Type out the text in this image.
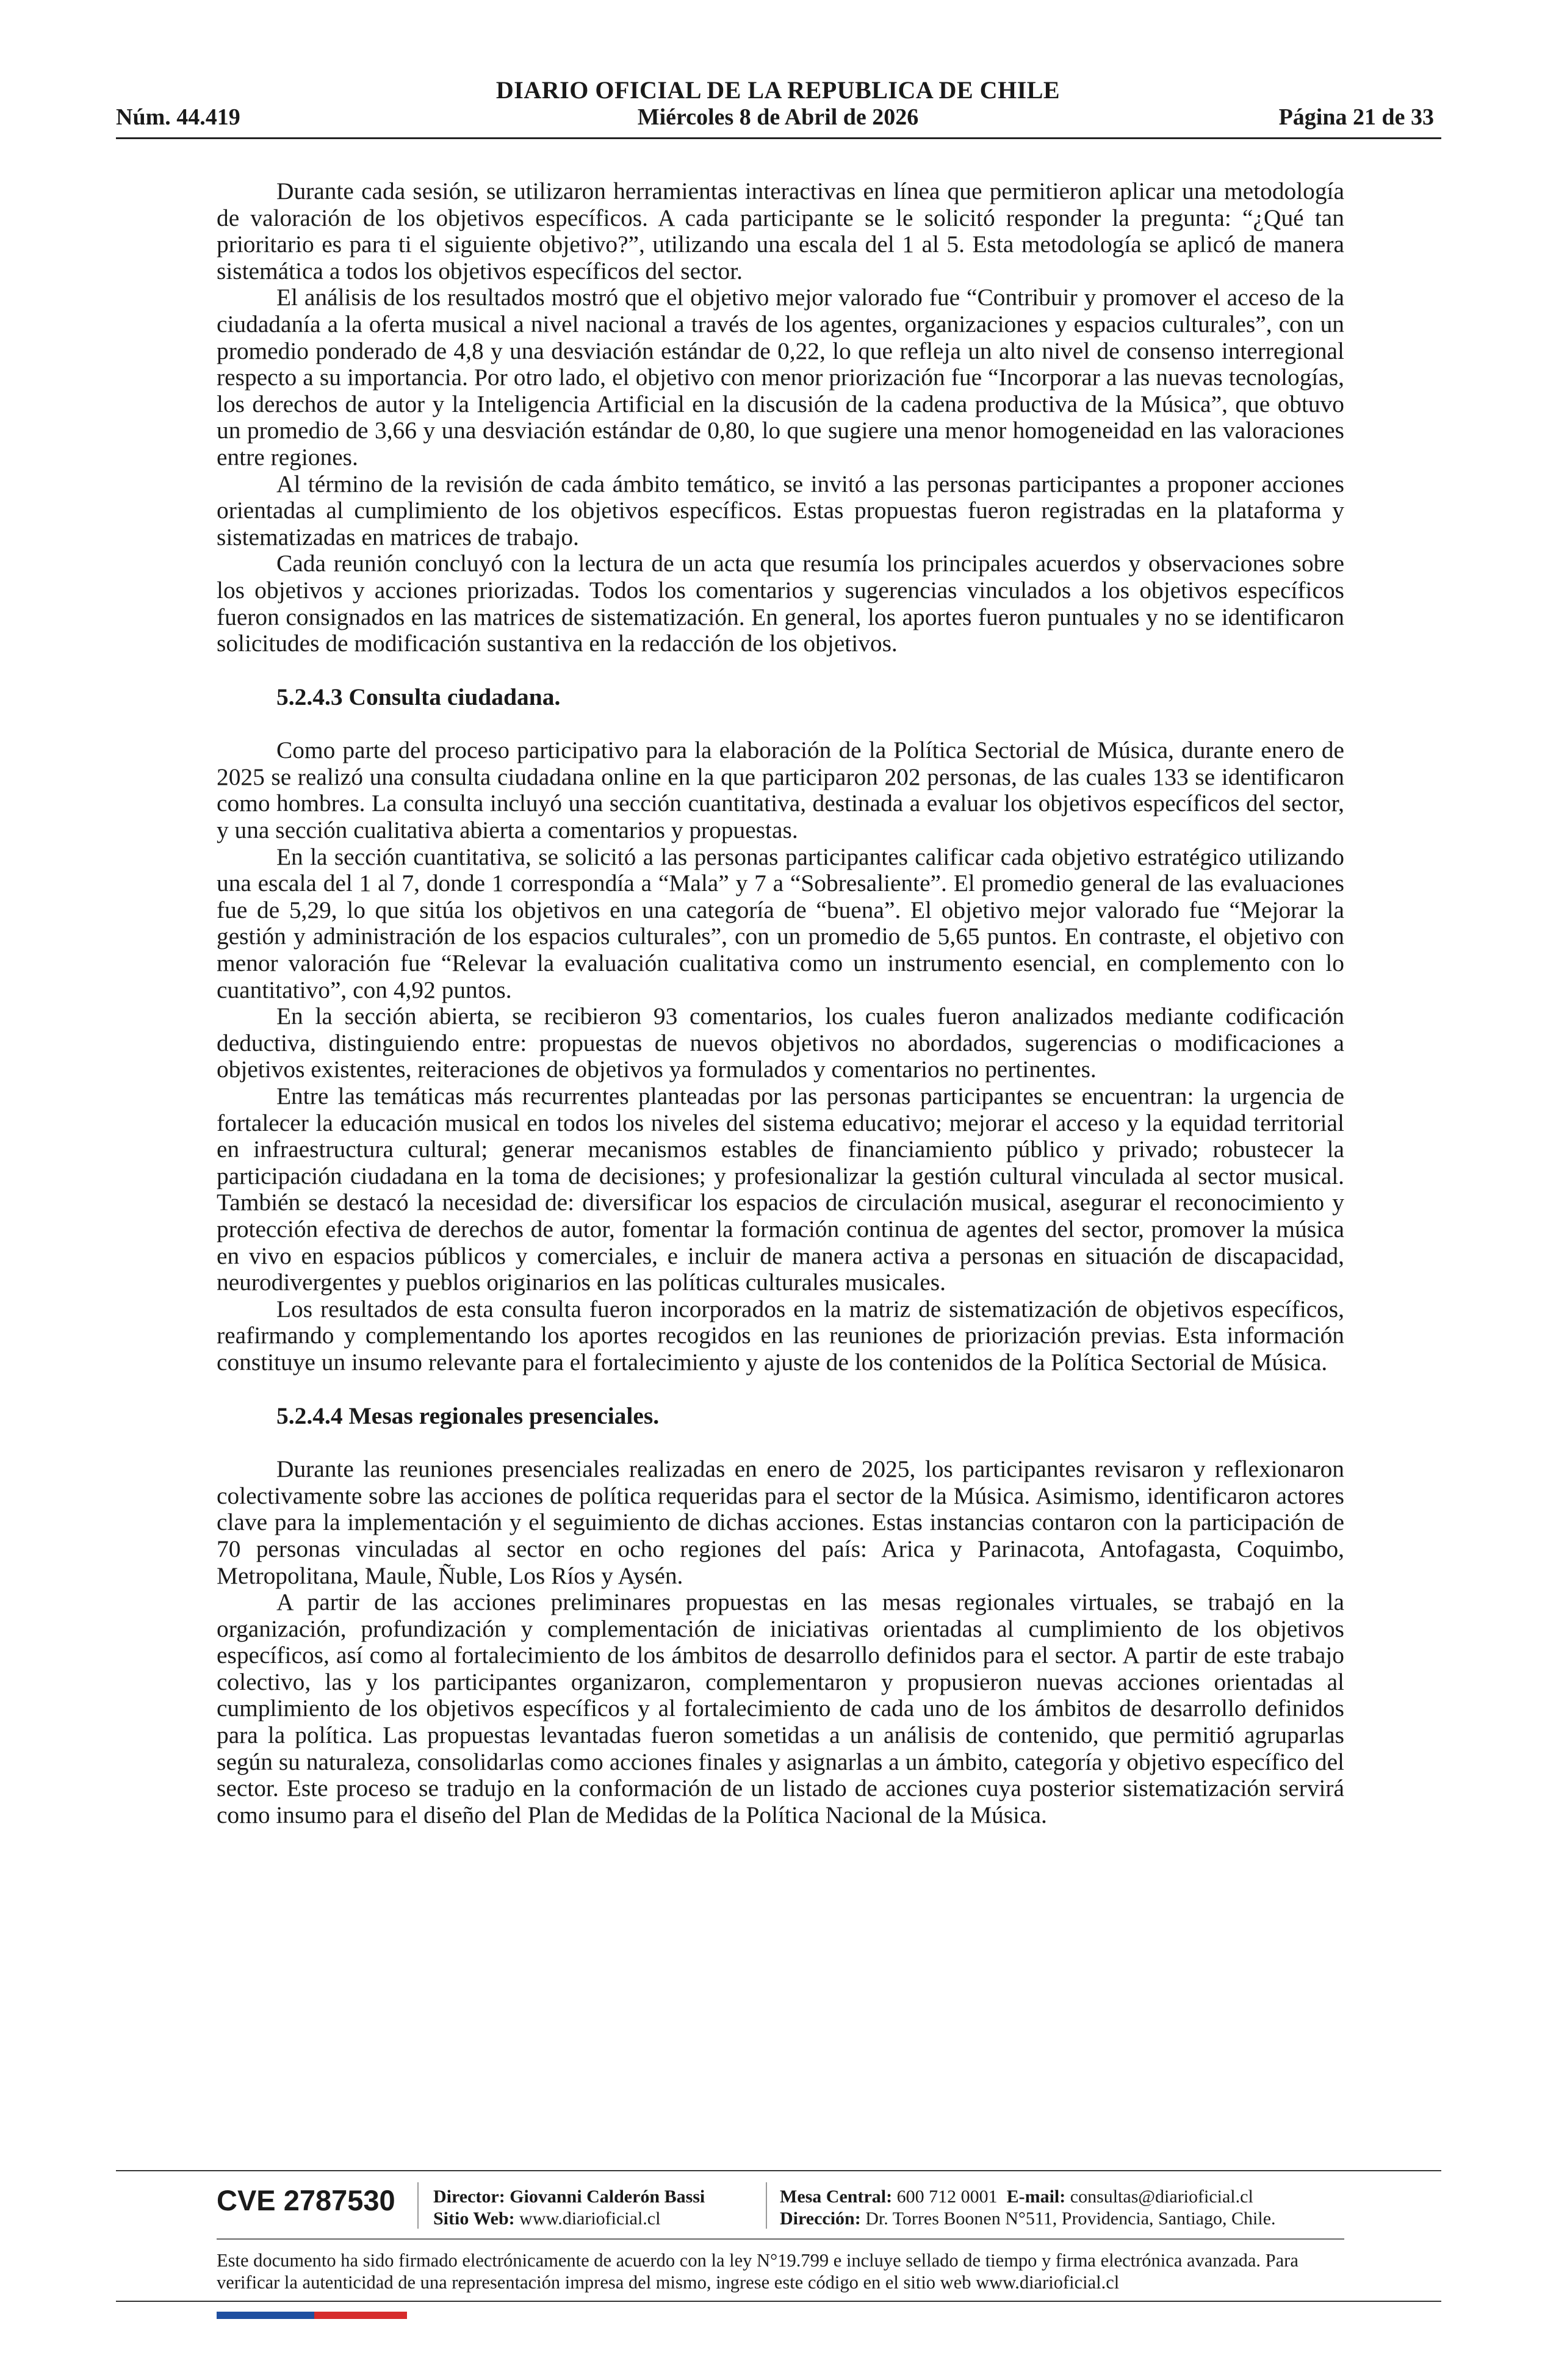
DIARIO OFICIAL DE LA REPUBLICA DE CHILE
Núm. 44.419	Miércoles 8 de Abril de 2026	Página 21 de 33

Durante cada sesión, se utilizaron herramientas interactivas en línea que permitieron aplicar una metodología de valoración de los objetivos específicos. A cada participante se le solicitó responder la pregunta: “¿Qué tan prioritario es para ti el siguiente objetivo?”, utilizando una escala del 1 al 5. Esta metodología se aplicó de manera sistemática a todos los objetivos específicos del sector.

El análisis de los resultados mostró que el objetivo mejor valorado fue “Contribuir y promover el acceso de la ciudadanía a la oferta musical a nivel nacional a través de los agentes, organizaciones y espacios culturales”, con un promedio ponderado de 4,8 y una desviación estándar de 0,22, lo que refleja un alto nivel de consenso interregional respecto a su importancia. Por otro lado, el objetivo con menor priorización fue “Incorporar a las nuevas tecnologías, los derechos de autor y la Inteligencia Artificial en la discusión de la cadena productiva de la Música”, que obtuvo un promedio de 3,66 y una desviación estándar de 0,80, lo que sugiere una menor homogeneidad en las valoraciones entre regiones.

Al término de la revisión de cada ámbito temático, se invitó a las personas participantes a proponer acciones orientadas al cumplimiento de los objetivos específicos. Estas propuestas fueron registradas en la plataforma y sistematizadas en matrices de trabajo.

Cada reunión concluyó con la lectura de un acta que resumía los principales acuerdos y observaciones sobre los objetivos y acciones priorizadas. Todos los comentarios y sugerencias vinculados a los objetivos específicos fueron consignados en las matrices de sistematización. En general, los aportes fueron puntuales y no se identificaron solicitudes de modificación sustantiva en la redacción de los objetivos.

5.2.4.3 Consulta ciudadana.

Como parte del proceso participativo para la elaboración de la Política Sectorial de Música, durante enero de 2025 se realizó una consulta ciudadana online en la que participaron 202 personas, de las cuales 133 se identificaron como hombres. La consulta incluyó una sección cuantitativa, destinada a evaluar los objetivos específicos del sector, y una sección cualitativa abierta a comentarios y propuestas.

En la sección cuantitativa, se solicitó a las personas participantes calificar cada objetivo estratégico utilizando una escala del 1 al 7, donde 1 correspondía a “Mala” y 7 a “Sobresaliente”. El promedio general de las evaluaciones fue de 5,29, lo que sitúa los objetivos en una categoría de “buena”. El objetivo mejor valorado fue “Mejorar la gestión y administración de los espacios culturales”, con un promedio de 5,65 puntos. En contraste, el objetivo con menor valoración fue “Relevar la evaluación cualitativa como un instrumento esencial, en complemento con lo cuantitativo”, con 4,92 puntos.

En la sección abierta, se recibieron 93 comentarios, los cuales fueron analizados mediante codificación deductiva, distinguiendo entre: propuestas de nuevos objetivos no abordados, sugerencias o modificaciones a objetivos existentes, reiteraciones de objetivos ya formulados y comentarios no pertinentes.

Entre las temáticas más recurrentes planteadas por las personas participantes se encuentran: la urgencia de fortalecer la educación musical en todos los niveles del sistema educativo; mejorar el acceso y la equidad territorial en infraestructura cultural; generar mecanismos estables de financiamiento público y privado; robustecer la participación ciudadana en la toma de decisiones; y profesionalizar la gestión cultural vinculada al sector musical. También se destacó la necesidad de: diversificar los espacios de circulación musical, asegurar el reconocimiento y protección efectiva de derechos de autor, fomentar la formación continua de agentes del sector, promover la música en vivo en espacios públicos y comerciales, e incluir de manera activa a personas en situación de discapacidad, neurodivergentes y pueblos originarios en las políticas culturales musicales.

Los resultados de esta consulta fueron incorporados en la matriz de sistematización de objetivos específicos, reafirmando y complementando los aportes recogidos en las reuniones de priorización previas. Esta información constituye un insumo relevante para el fortalecimiento y ajuste de los contenidos de la Política Sectorial de Música.

5.2.4.4 Mesas regionales presenciales.

Durante las reuniones presenciales realizadas en enero de 2025, los participantes revisaron y reflexionaron colectivamente sobre las acciones de política requeridas para el sector de la Música. Asimismo, identificaron actores clave para la implementación y el seguimiento de dichas acciones. Estas instancias contaron con la participación de 70 personas vinculadas al sector en ocho regiones del país: Arica y Parinacota, Antofagasta, Coquimbo, Metropolitana, Maule, Ñuble, Los Ríos y Aysén.

A partir de las acciones preliminares propuestas en las mesas regionales virtuales, se trabajó en la organización, profundización y complementación de iniciativas orientadas al cumplimiento de los objetivos específicos, así como al fortalecimiento de los ámbitos de desarrollo definidos para el sector. A partir de este trabajo colectivo, las y los participantes organizaron, complementaron y propusieron nuevas acciones orientadas al cumplimiento de los objetivos específicos y al fortalecimiento de cada uno de los ámbitos de desarrollo definidos para la política. Las propuestas levantadas fueron sometidas a un análisis de contenido, que permitió agruparlas según su naturaleza, consolidarlas como acciones finales y asignarlas a un ámbito, categoría y objetivo específico del sector. Este proceso se tradujo en la conformación de un listado de acciones cuya posterior sistematización servirá como insumo para el diseño del Plan de Medidas de la Política Nacional de la Música.

CVE 2787530 Director: Giovanni Calderón Bassi
Sitio Web: www.diarioficial.cl
Mesa Central: 600 712 0001 E-mail: consultas@diarioficial.cl
Dirección: Dr. Torres Boonen N°511, Providencia, Santiago, Chile.
Este documento ha sido firmado electrónicamente de acuerdo con la ley N°19.799 e incluye sellado de tiempo y firma electrónica avanzada. Para verificar la autenticidad de una representación impresa del mismo, ingrese este código en el sitio web www.diarioficial.cl
